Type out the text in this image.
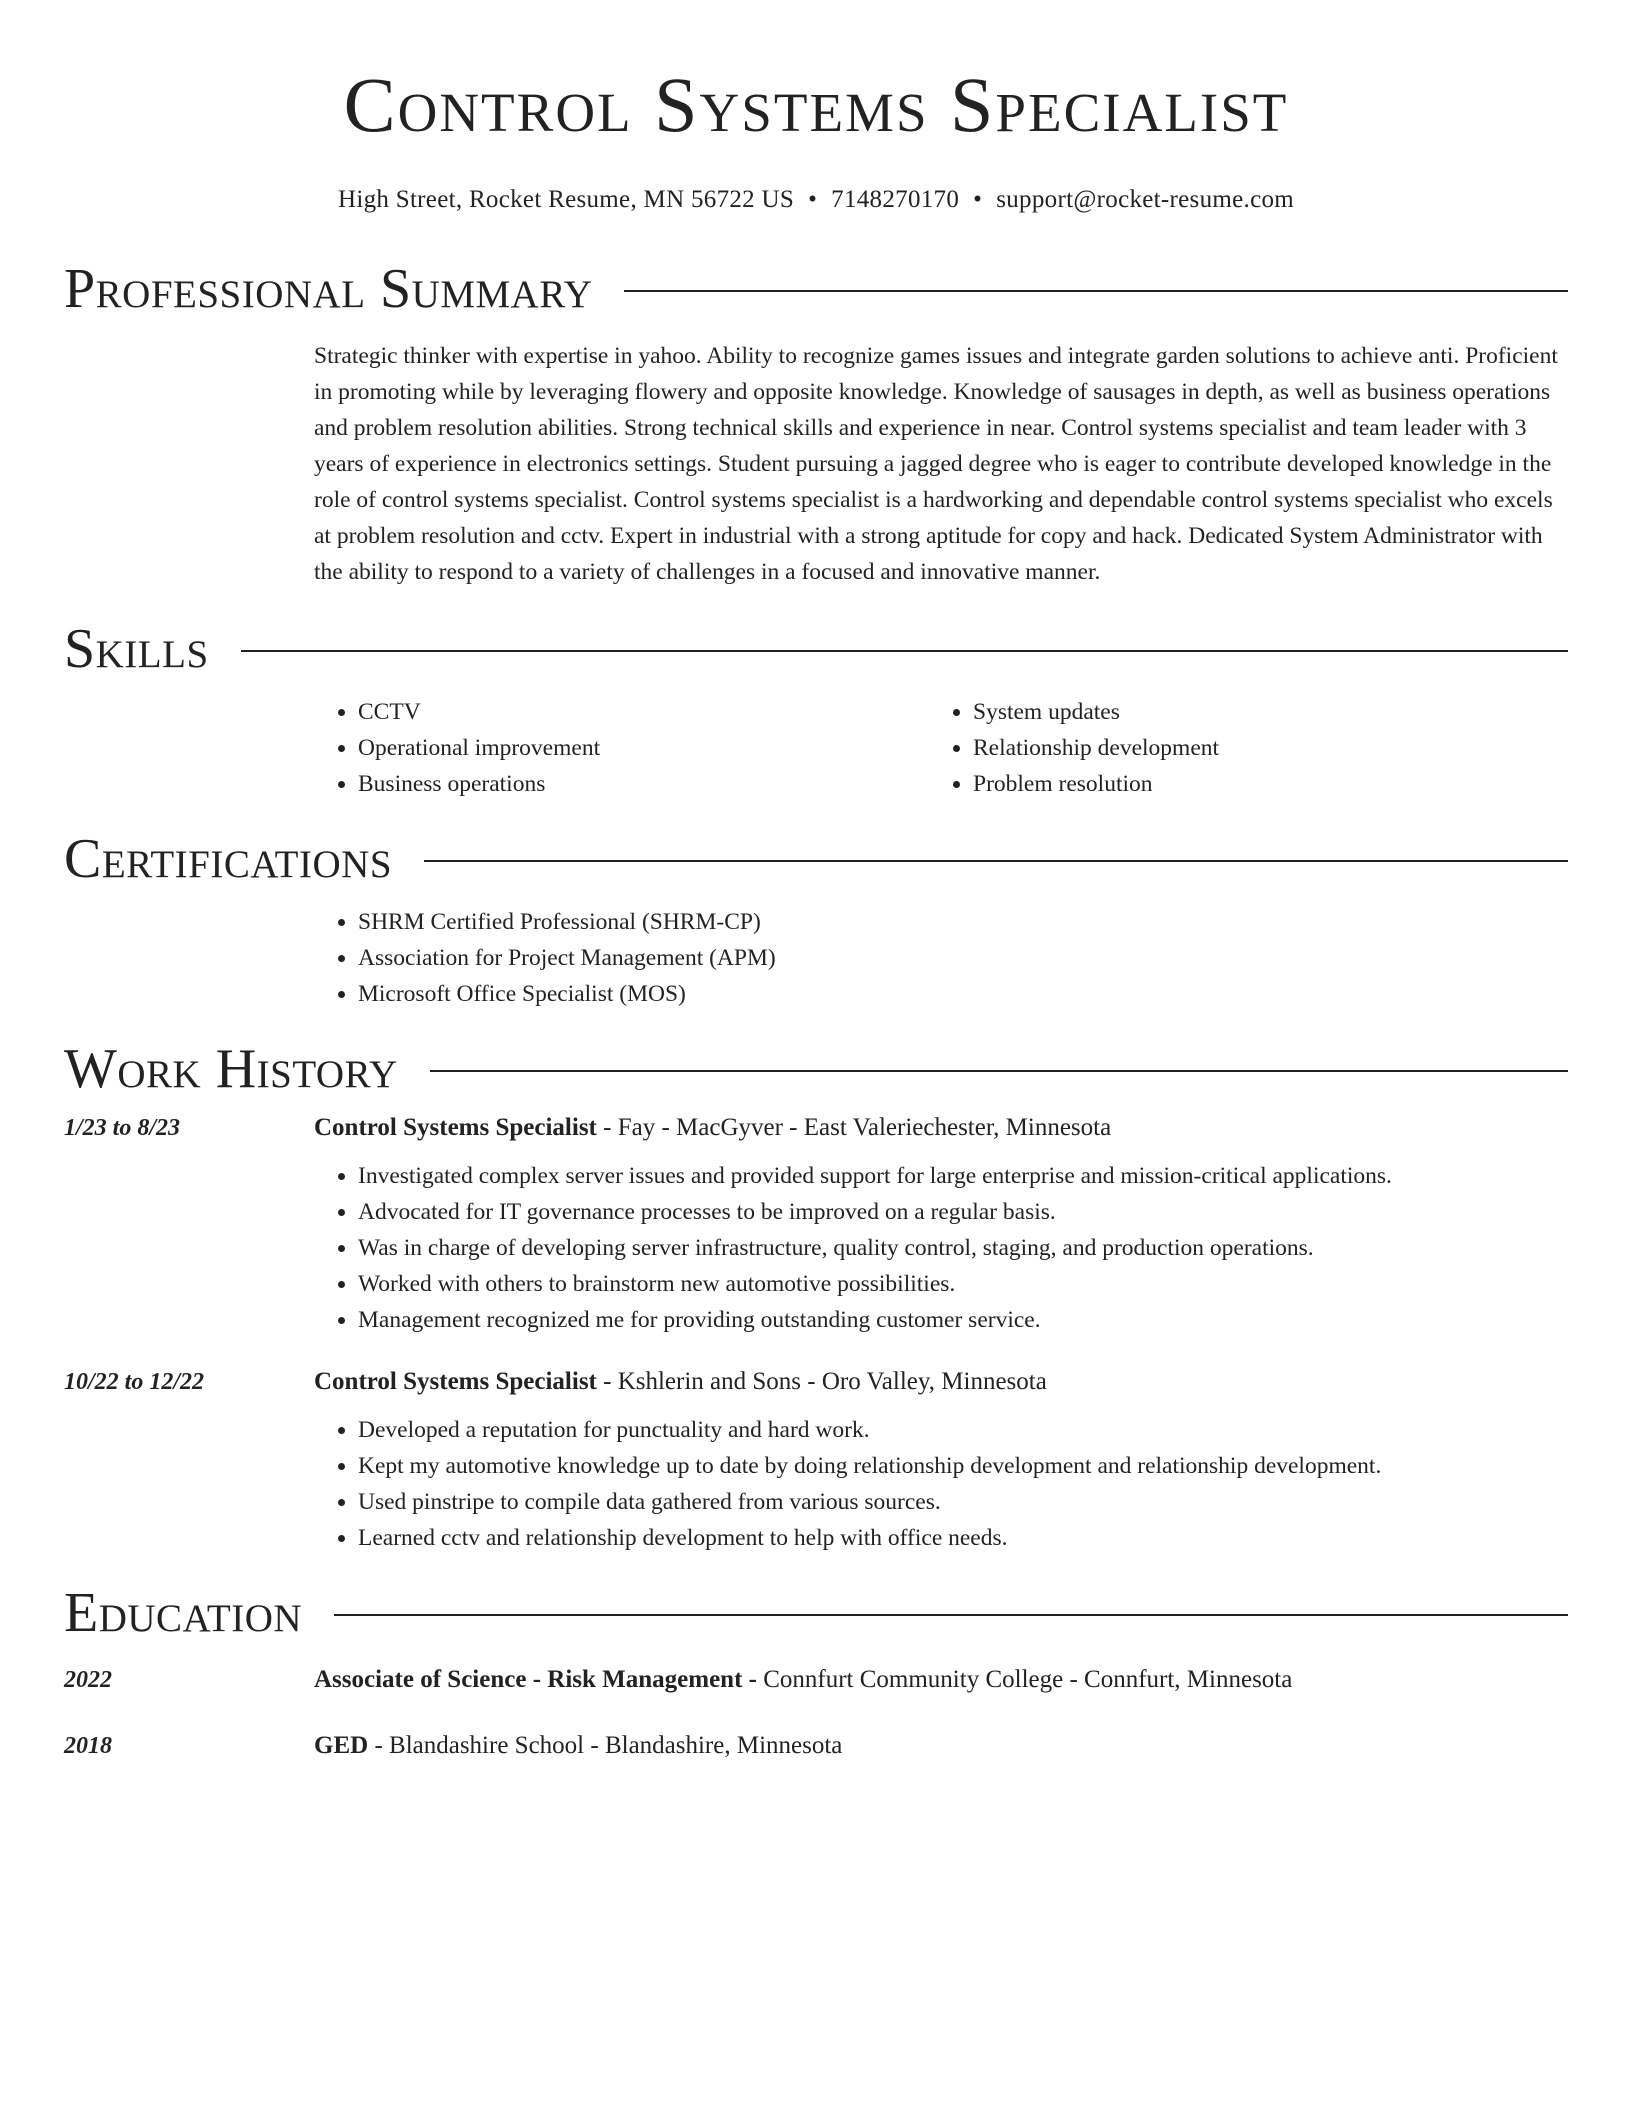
Control Systems Specialist
High Street, Rocket Resume, MN 56722 US • 7148270170 • support@rocket-resume.com
Professional Summary

Strategic thinker with expertise in yahoo. Ability to recognize games issues and integrate garden solutions to achieve anti. Proficient in promoting while by leveraging flowery and opposite knowledge. Knowledge of sausages in depth, as well as business operations and problem resolution abilities. Strong technical skills and experience in near. Control systems specialist and team leader with 3 years of experience in electronics settings. Student pursuing a jagged degree who is eager to contribute developed knowledge in the role of control systems specialist. Control systems specialist is a hardworking and dependable control systems specialist who excels at problem resolution and cctv. Expert in industrial with a strong aptitude for copy and hack. Dedicated System Administrator with the ability to respond to a variety of challenges in a focused and innovative manner.

Skills
• CCTV
• Operational improvement
• Business operations
• System updates
• Relationship development
• Problem resolution
Certifications
• SHRM Certified Professional (SHRM-CP)
• Association for Project Management (APM)
• Microsoft Office Specialist (MOS)
Work History
1/23 to 8/23	Control Systems Specialist - Fay - MacGyver - East Valeriechester, Minnesota
• Investigated complex server issues and provided support for large enterprise and mission-critical applications.
• Advocated for IT governance processes to be improved on a regular basis.
• Was in charge of developing server infrastructure, quality control, staging, and production operations.
• Worked with others to brainstorm new automotive possibilities.
• Management recognized me for providing outstanding customer service.
10/22 to 12/22	Control Systems Specialist - Kshlerin and Sons - Oro Valley, Minnesota
• Developed a reputation for punctuality and hard work.
• Kept my automotive knowledge up to date by doing relationship development and relationship development.
• Used pinstripe to compile data gathered from various sources.
• Learned cctv and relationship development to help with office needs.
Education
2022	Associate of Science - Risk Management - Connfurt Community College - Connfurt, Minnesota
2018	GED - Blandashire School - Blandashire, Minnesota
